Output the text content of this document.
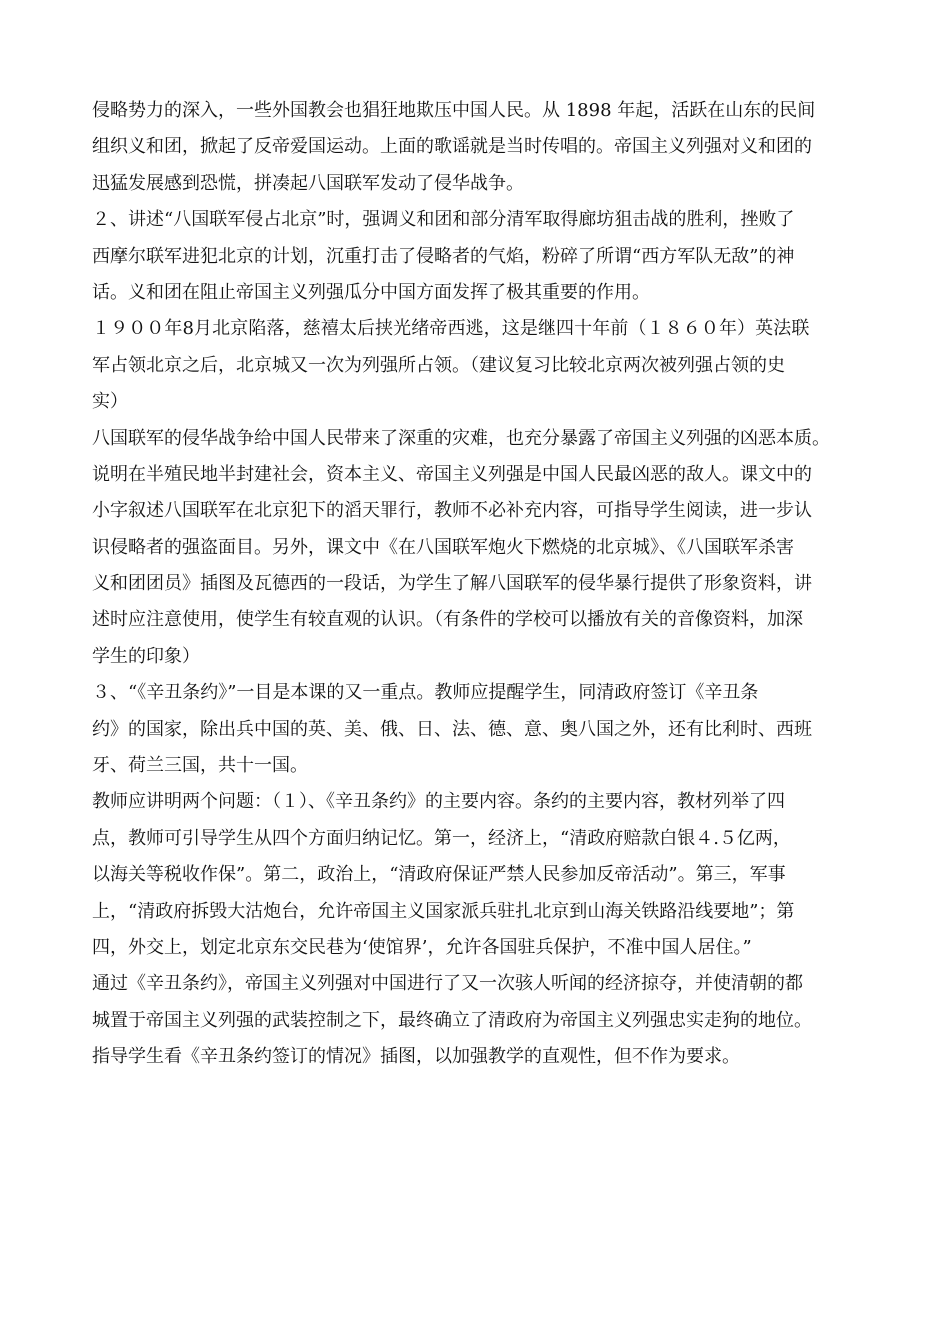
侵略势力的深入，一些外国教会也猖狂地欺压中国人民。从 1898 年起，活跃在山东的民间
组织义和团，掀起了反帝爱国运动。上面的歌谣就是当时传唱的。帝国主义列强对义和团的
迅猛发展感到恐慌，拼凑起八国联军发动了侵华战争。
２、讲述“八国联军侵占北京”时，强调义和团和部分清军取得廊坊狙击战的胜利，挫败了
西摩尔联军进犯北京的计划，沉重打击了侵略者的气焰，粉碎了所谓“西方军队无敌”的神
话。义和团在阻止帝国主义列强瓜分中国方面发挥了极其重要的作用。
１９００年8月北京陷落，慈禧太后挟光绪帝西逃，这是继四十年前（１８６０年）英法联
军占领北京之后，北京城又一次为列强所占领。（建议复习比较北京两次被列强占领的史
实）
八国联军的侵华战争给中国人民带来了深重的灾难，也充分暴露了帝国主义列强的凶恶本质。
说明在半殖民地半封建社会，资本主义、帝国主义列强是中国人民最凶恶的敌人。课文中的
小字叙述八国联军在北京犯下的滔天罪行，教师不必补充内容，可指导学生阅读，进一步认
识侵略者的强盗面目。另外，课文中《在八国联军炮火下燃烧的北京城》、《八国联军杀害
义和团团员》插图及瓦德西的一段话，为学生了解八国联军的侵华暴行提供了形象资料，讲
述时应注意使用，使学生有较直观的认识。（有条件的学校可以播放有关的音像资料，加深
学生的印象）
３、“《辛丑条约》”一目是本课的又一重点。教师应提醒学生，同清政府签订《辛丑条
约》的国家，除出兵中国的英、美、俄、日、法、德、意、奥八国之外，还有比利时、西班
牙、荷兰三国，共十一国。
教师应讲明两个问题：（１）、《辛丑条约》的主要内容。条约的主要内容，教材列举了四
点，教师可引导学生从四个方面归纳记忆。第一，经济上，“清政府赔款白银４.５亿两，
以海关等税收作保”。第二，政治上，“清政府保证严禁人民参加反帝活动”。第三，军事
上，“清政府拆毁大沽炮台，允许帝国主义国家派兵驻扎北京到山海关铁路沿线要地”；第
四，外交上，划定北京东交民巷为‘使馆界’，允许各国驻兵保护，不准中国人居住。”
通过《辛丑条约》，帝国主义列强对中国进行了又一次骇人听闻的经济掠夺，并使清朝的都
城置于帝国主义列强的武装控制之下，最终确立了清政府为帝国主义列强忠实走狗的地位。
指导学生看《辛丑条约签订的情况》插图，以加强教学的直观性，但不作为要求。
